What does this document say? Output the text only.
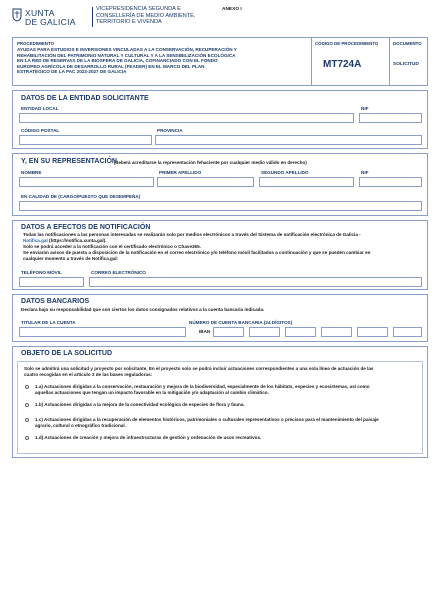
XUNTA
DE GALICIA
VICEPRESIDENCIA SEGUNDA E
CONSELLERÍA DE MEDIO AMBIENTE,
TERRITORIO E VIVENDA
ANEXO I
PROCEDIMIENTO
AYUDAS PARA ESTUDIOS E INVERSIONES VINCULADAS A LA CONSERVACIÓN, RECUPERACIÓN Y
REHABILITACIÓN DEL PATRIMONIO NATURAL Y CULTURAL Y A LA SENSIBILIZACIÓN ECOLÓGICA
EN LA RED DE RESERVAS DE LA BIOSFERA DE GALICIA, COFINANCIADO CON EL FONDO
EUROPEO AGRÍCOLA DE DESARROLLO RURAL (FEADER) EN EL MARCO DEL PLAN
ESTRATÉGICO DE LA PAC 2023-2027 DE GALICIA
CÓDIGO DE PROCEDIMIENTO
MT724A
DOCUMENTO
SOLICITUD
DATOS DE LA ENTIDAD SOLICITANTE
ENTIDAD LOCAL	NIF
CÓDIGO POSTAL	PROVINCIA
Y, EN SU REPRESENTACIÓN
(deberá acreditarse la representación fehaciente por cualquier medio válido en derecho)
NOMBRE	PRIMER APELLIDO	SEGUNDO APELLIDO	NIF
EN CALIDAD DE (CARGO/PUESTO QUE DESEMPEÑA)
DATOS A EFECTOS DE NOTIFICACIÓN
Todas las notificaciones a las personas interesadas se realizarán solo por medios electrónicos a través del Sistema de notificación electrónica de Galicia -
Notifica.gal (https://notifica.xunta.gal).
Solo se podrá acceder a la notificación con el certificado electrónico o Chave365.
Se enviarán avisos de puesta a disposición de la notificación en el correo electrónico y/o teléfono móvil facilitados a continuación y que se pueden cambiar en
cualquier momento a través de Notifica.gal:
TELÉFONO MÓVIL	CORREO ELECTRÓNICO
DATOS BANCARIOS
Declara bajo su responsabilidad que son ciertos los datos consignados relativos a la cuenta bancaria indicada.
TITULAR DE LA CUENTA	NÚMERO DE CUENTA BANCARIA (24 DÍGITOS)
IBAN
OBJETO DE LA SOLICITUD
Solo se admitirá una solicitud y proyecto por solicitante. En el proyecto solo se podrá incluir actuaciones correspondientes a una sola línea de actuación de las
cuatro recogidas en el artículo 3 de las bases reguladoras:
1.a) Actuaciones dirigidas a la conservación, restauración y mejora de la biodiversidad, especialmente de los hábitats, especies y ecosistemas, así como
aquellas actuaciones que tengan un impacto favorable en la mitigación y/o adaptación al cambio climático.
1.b) Actuaciones dirigidas a la mejora de la conectividad ecológica de especies de flora y fauna.
1.c) Actuaciones dirigidas a la recuperación de elementos históricos, patrimoniales o culturales representativos o precisos para el mantenimiento del paisaje
agrario, cultural o etnográfico tradicional.
1.d) Actuaciones de creación y mejora de infraestructuras de gestión y ordenación de usos recreativos.
